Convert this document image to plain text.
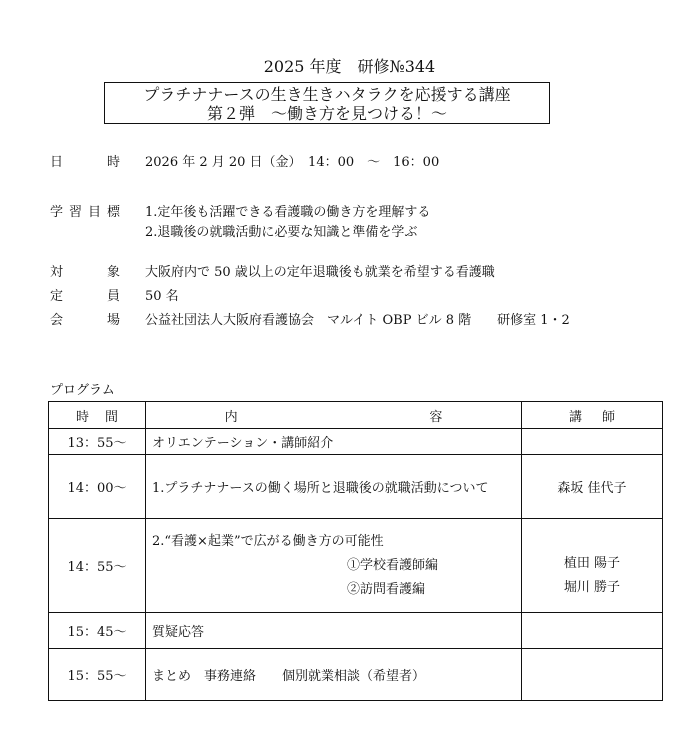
2025 年度　研修№344
プラチナナースの生き生きハタラクを応援する講座
第２弾　〜働き方を見つける！〜
日	時 2026 年 2 月 20 日（金）　14：00　〜　16：00
学 習 目 標 1.定年後も活躍できる看護職の働き方を理解する
2.退職後の就職活動に必要な知識と準備を学ぶ
対	象 大阪府内で 50 歳以上の定年退職後も就業を希望する看護職
定	員 50 名
会	場 公益社団法人大阪府看護協会　マルイト OBP ビル 8 階　　研修室 1・2
プログラム
時 間	内 容	講 師

13：55〜	オリエンテーション・講師紹介	
14：00〜	1.プラチナナースの働く場所と退職後の就職活動について	森坂 佳代子
14：55〜	2.“看護×起業”で広がる働き方の可能性
①学校看護師編
②訪問看護編	植田 陽子
堀川 勝子

15：45〜	質疑応答	
15：55〜	まとめ　事務連絡　　個別就業相談（希望者）	
